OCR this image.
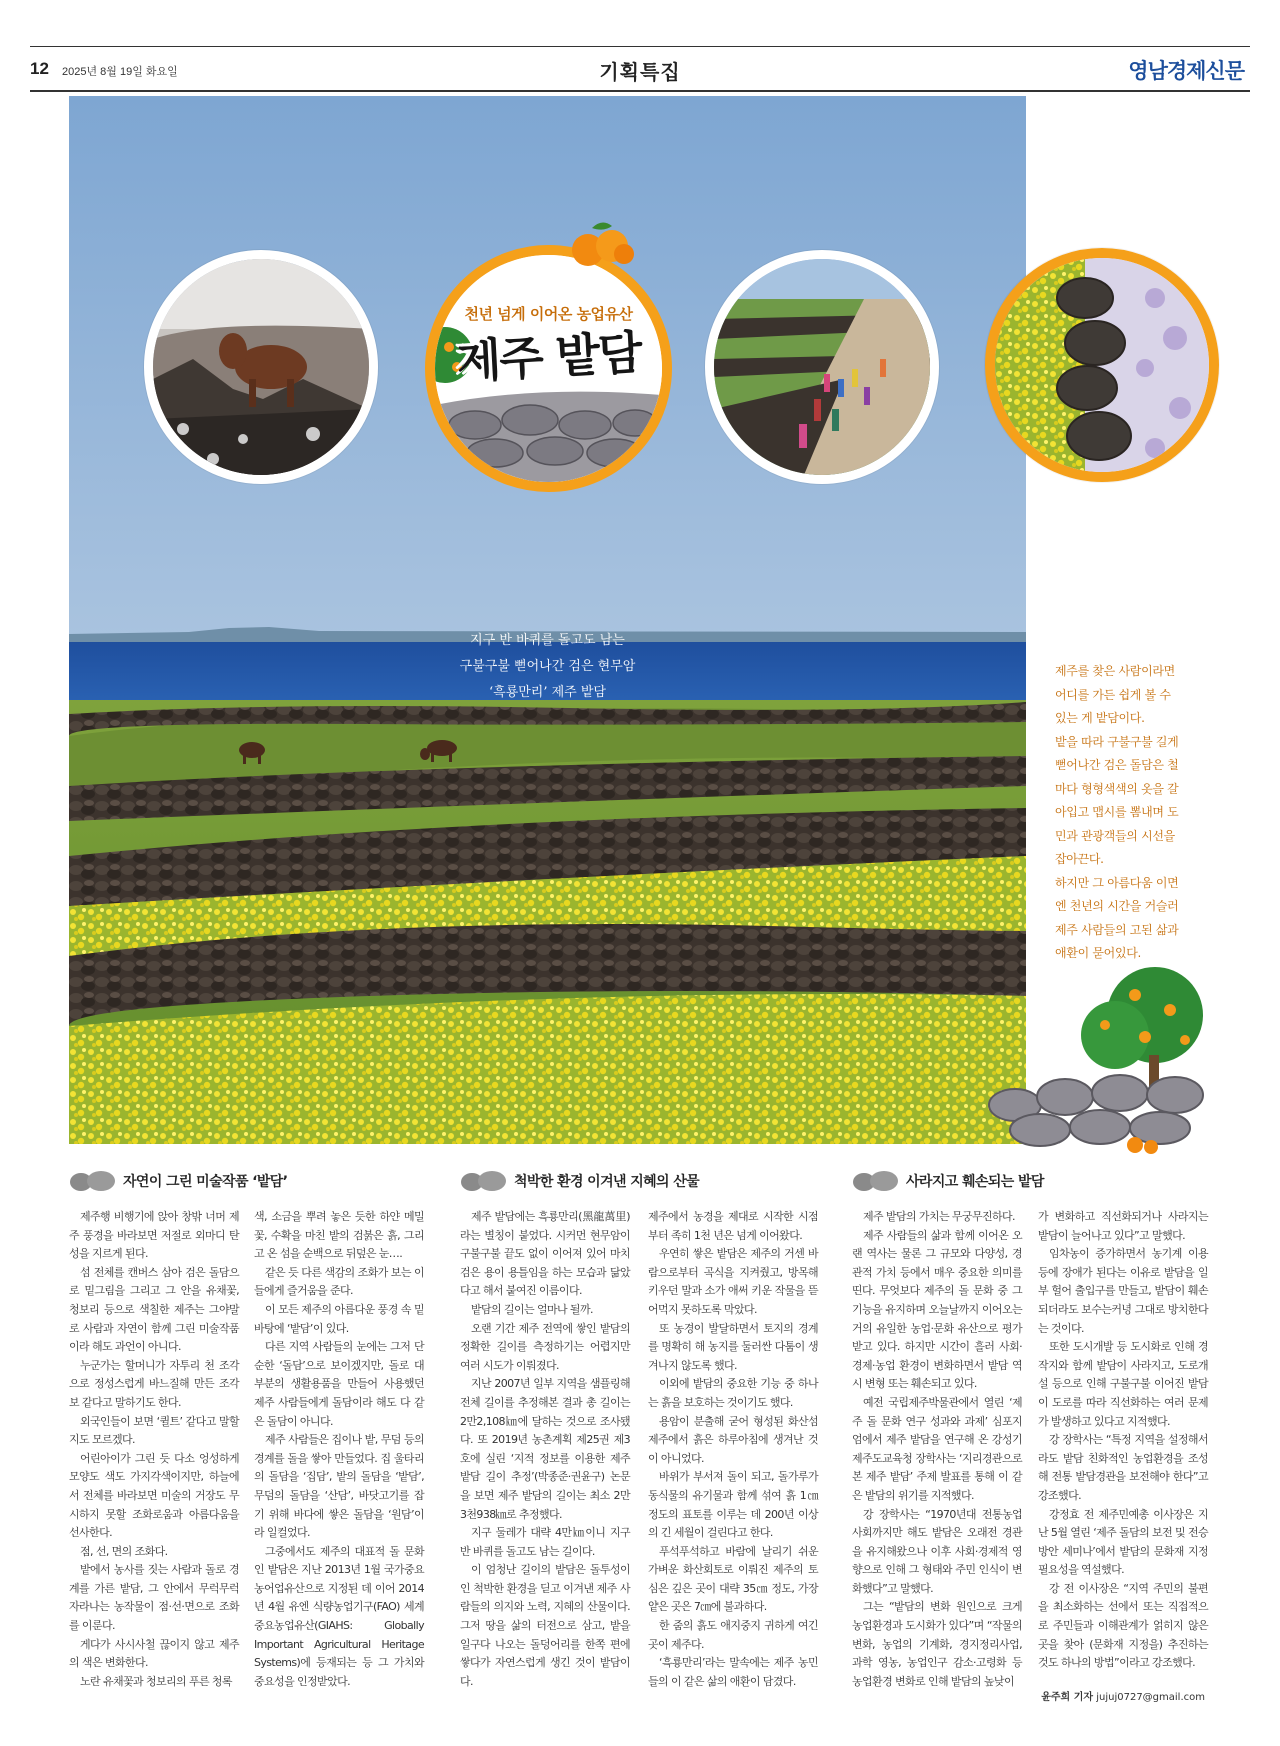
12 2025년 8월 19일 화요일	기획특집	영남경제신문
지구 반 바퀴를 돌고도 남는
구불구불 뻗어나간 검은 현무암
‘흑룡만리’ 제주 밭담
천년 넘게 이어온 농업유산
제주 밭담
제주를 찾은 사람이라면
어디를 가든 쉽게 볼 수
있는 게 밭담이다.
밭을 따라 구불구불 길게
뻗어나간 검은 돌담은 철
마다 형형색색의 옷을 갈
아입고 맵시를 뽐내며 도
민과 관광객들의 시선을
잡아끈다.
하지만 그 아름다움 이면
엔 천년의 시간을 거슬러
제주 사람들의 고된 삶과
애환이 묻어있다.
자연이 그린 미술작품 ‘밭담’	척박한 환경 이겨낸 지혜의 산물	사라지고 훼손되는 밭담

제주행 비행기에 앉아 창밖 너머 제주 풍경을 바라보면 저절로 외마디 탄성을 지르게 된다.

섬 전체를 캔버스 삼아 검은 돌담으로 밑그림을 그리고 그 안을 유채꽃, 청보리 등으로 색칠한 제주는 그야말로 사람과 자연이 함께 그린 미술작품이라 해도 과언이 아니다.

누군가는 할머니가 자투리 천 조각으로 정성스럽게 바느질해 만든 조각보 같다고 말하기도 한다.

외국인들이 보면 ‘퀼트’ 같다고 말할지도 모르겠다.

어린아이가 그린 듯 다소 엉성하게 모양도 색도 가지각색이지만, 하늘에서 전체를 바라보면 미술의 거장도 무시하지 못할 조화로움과 아름다움을 선사한다.

점, 선, 면의 조화다.

밭에서 농사를 짓는 사람과 돌로 경계를 가른 밭담, 그 안에서 무럭무럭 자라나는 농작물이 점·선·면으로 조화를 이룬다.

게다가 사시사철 끊이지 않고 제주의 색은 변화한다.

노란 유채꽃과 청보리의 푸른 청록

색, 소금을 뿌려 놓은 듯한 하얀 메밀꽃, 수확을 마친 밭의 검붉은 흙, 그리고 온 섬을 순백으로 뒤덮은 눈….

같은 듯 다른 색감의 조화가 보는 이들에게 즐거움을 준다.

이 모든 제주의 아름다운 풍경 속 밑바탕에 ‘밭담’이 있다.

다른 지역 사람들의 눈에는 그저 단순한 ‘돌담’으로 보이겠지만, 돌로 대부분의 생활용품을 만들어 사용했던 제주 사람들에게 돌담이라 해도 다 같은 돌담이 아니다.

제주 사람들은 집이나 밭, 무덤 등의 경계를 돌을 쌓아 만들었다. 집 울타리의 돌담을 ‘집담’, 밭의 돌담을 ‘밭담’, 무덤의 돌담을 ‘산담’, 바닷고기를 잡기 위해 바다에 쌓은 돌담을 ‘원담’이라 일컬었다.

그중에서도 제주의 대표적 돌 문화인 밭담은 지난 2013년 1월 국가중요농어업유산으로 지정된 데 이어 2014년 4월 유엔 식량농업기구(FAO) 세계중요농업유산(GIAHS: Globally Important Agricultural Heritage Systems)에 등재되는 등 그 가치와 중요성을 인정받았다.

제주 밭담에는 흑룡만리(黑龍萬里)라는 별칭이 붙었다. 시커먼 현무암이 구불구불 끝도 없이 이어져 있어 마치 검은 용이 용틀임을 하는 모습과 닮았다고 해서 붙여진 이름이다.

밭담의 길이는 얼마나 될까.

오랜 기간 제주 전역에 쌓인 밭담의 정확한 길이를 측정하기는 어렵지만 여러 시도가 이뤄졌다.

지난 2007년 일부 지역을 샘플링해 전체 길이를 추정해본 결과 총 길이는 2만2,108㎞에 달하는 것으로 조사됐다. 또 2019년 농촌계획 제25권 제3호에 실린 ‘지적 정보를 이용한 제주 밭담 길이 추정’(박종준·권윤구) 논문을 보면 제주 밭담의 길이는 최소 2만3천938㎞로 추정했다.

지구 둘레가 대략 4만㎞이니 지구 반 바퀴를 돌고도 남는 길이다.

이 엄청난 길이의 밭담은 돌투성이인 척박한 환경을 딛고 이겨낸 제주 사람들의 의지와 노력, 지혜의 산물이다. 그저 땅을 삶의 터전으로 삼고, 밭을 일구다 나오는 돌덩어리를 한쪽 편에 쌓다가 자연스럽게 생긴 것이 밭담이다.

제주에서 농경을 제대로 시작한 시점부터 족히 1천 년은 넘게 이어왔다.

우연히 쌓은 밭담은 제주의 거센 바람으로부터 곡식을 지켜줬고, 방목해 키우던 말과 소가 애써 키운 작물을 뜯어먹지 못하도록 막았다.

또 농경이 발달하면서 토지의 경계를 명확히 해 농지를 둘러싼 다툼이 생겨나지 않도록 했다.

이외에 밭담의 중요한 기능 중 하나는 흙을 보호하는 것이기도 했다.

용암이 분출해 굳어 형성된 화산섬 제주에서 흙은 하루아침에 생겨난 것이 아니었다.

바위가 부서져 돌이 되고, 돌가루가 동식물의 유기물과 함께 섞여 흙 1㎝ 정도의 표토를 이루는 데 200년 이상의 긴 세월이 걸린다고 한다.

푸석푸석하고 바람에 날리기 쉬운 가벼운 화산회토로 이뤄진 제주의 토심은 깊은 곳이 대략 35㎝ 정도, 가장 얕은 곳은 7㎝에 불과하다.

한 줌의 흙도 애지중지 귀하게 여긴 곳이 제주다.

‘흑룡만리’라는 말속에는 제주 농민들의 이 같은 삶의 애환이 담겼다.

제주 밭담의 가치는 무궁무진하다.

제주 사람들의 삶과 함께 이어온 오랜 역사는 물론 그 규모와 다양성, 경관적 가치 등에서 매우 중요한 의미를 띤다. 무엇보다 제주의 돌 문화 중 그 기능을 유지하며 오늘날까지 이어오는 거의 유일한 농업·문화 유산으로 평가받고 있다. 하지만 시간이 흘러 사회·경제·농업 환경이 변화하면서 밭담 역시 변형 또는 훼손되고 있다.

예전 국립제주박물관에서 열린 ‘제주 돌 문화 연구 성과와 과제’ 심포지엄에서 제주 밭담을 연구해 온 강성기 제주도교육청 장학사는 ‘지리경관으로 본 제주 밭담’ 주제 발표를 통해 이 같은 밭담의 위기를 지적했다.

강 장학사는 “1970년대 전통농업사회까지만 해도 밭담은 오래전 경관을 유지해왔으나 이후 사회·경제적 영향으로 인해 그 형태와 주민 인식이 변화했다”고 말했다.

그는 “밭담의 변화 원인으로 크게 농업환경과 도시화가 있다”며 “작물의 변화, 농업의 기계화, 경지정리사업, 과학 영농, 농업인구 감소·고령화 등 농업환경 변화로 인해 밭담의 높낮이

가 변화하고 직선화되거나 사라지는 밭담이 늘어나고 있다”고 말했다.

임차농이 증가하면서 농기계 이용 등에 장애가 된다는 이유로 밭담을 일부 헐어 출입구를 만들고, 밭담이 훼손되더라도 보수는커녕 그대로 방치한다는 것이다.

또한 도시개발 등 도시화로 인해 경작지와 함께 밭담이 사라지고, 도로개설 등으로 인해 구불구불 이어진 밭담이 도로를 따라 직선화하는 여러 문제가 발생하고 있다고 지적했다.

강 장학사는 “특정 지역을 설정해서라도 밭담 친화적인 농업환경을 조성해 전통 밭담경관을 보전해야 한다”고 강조했다.

강정효 전 제주민예총 이사장은 지난 5월 열린 ‘제주 돌담의 보전 및 전승 방안 세미나’에서 밭담의 문화재 지정 필요성을 역설했다.

강 전 이사장은 “지역 주민의 불편을 최소화하는 선에서 또는 직접적으로 주민들과 이해관계가 얽히지 않은 곳을 찾아 (문화재 지정을) 추진하는 것도 하나의 방법”이라고 강조했다.

윤주희 기자 jujuj0727@gmail.com
